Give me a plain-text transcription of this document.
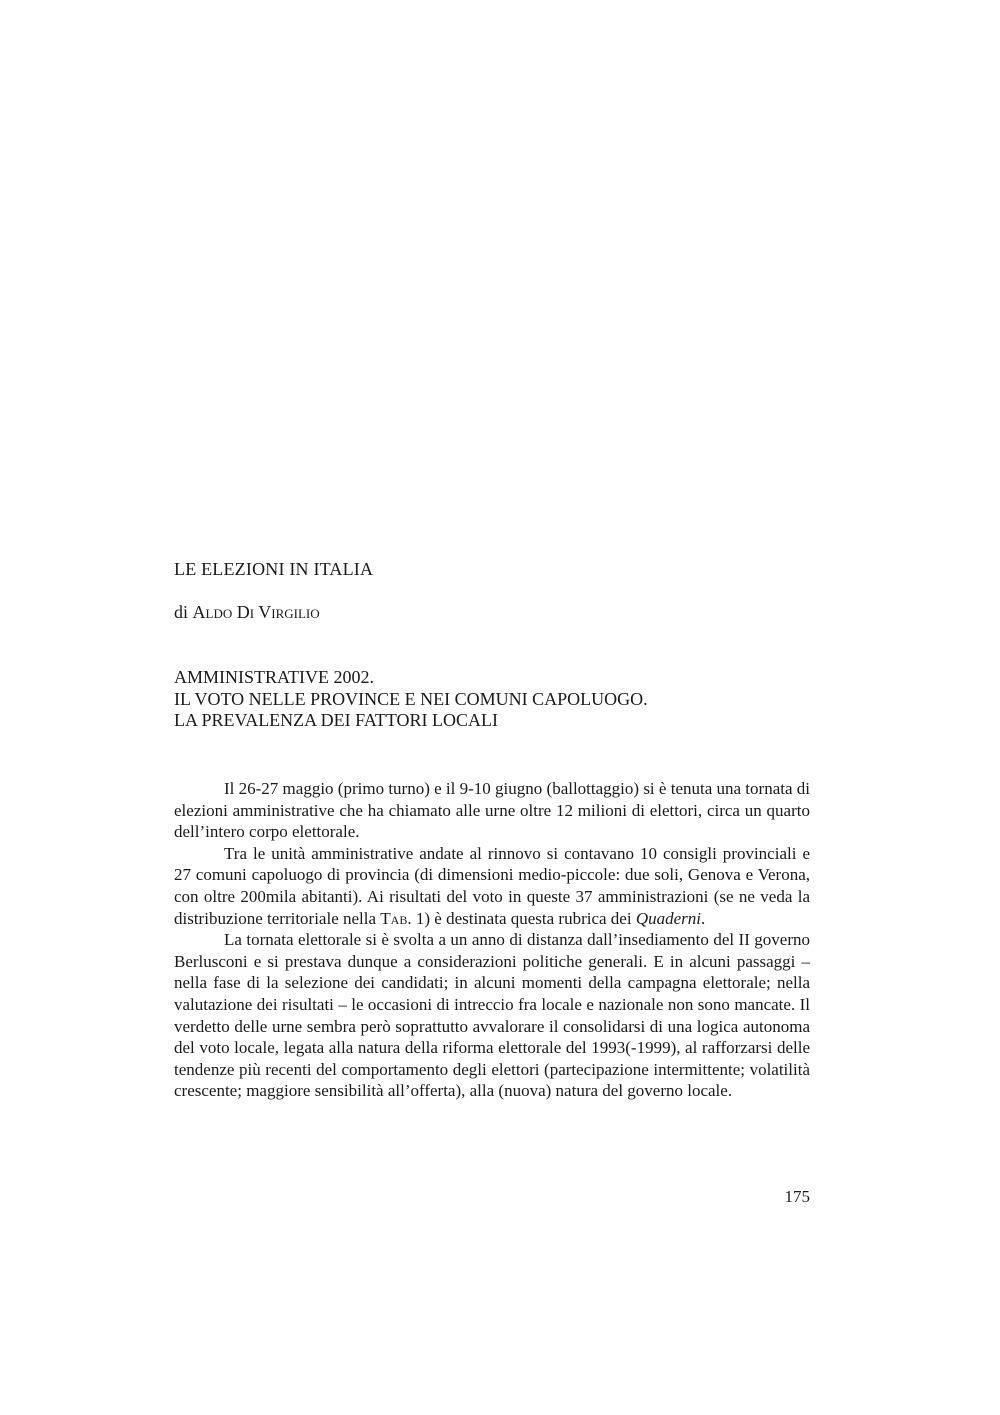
LE ELEZIONI IN ITALIA

di Aldo Di Virgilio

AMMINISTRATIVE 2002.
IL VOTO NELLE PROVINCE E NEI COMUNI CAPOLUOGO.
LA PREVALENZA DEI FATTORI LOCALI

Il 26-27 maggio (primo turno) e il 9-10 giugno (ballottaggio) si è tenuta una tornata di elezioni amministrative che ha chiamato alle urne oltre 12 milioni di elettori, circa un quarto dell’intero corpo elettorale.

Tra le unità amministrative andate al rinnovo si contavano 10 consigli provinciali e 27 comuni capoluogo di provincia (di dimensioni medio-piccole: due soli, Genova e Verona, con oltre 200mila abitanti). Ai risultati del voto in queste 37 amministrazioni (se ne veda la distribuzione territoriale nella Tab. 1) è destinata questa rubrica dei Quaderni.

La tornata elettorale si è svolta a un anno di distanza dall’insediamento del II governo Berlusconi e si prestava dunque a considerazioni politiche generali. E in alcuni passaggi – nella fase di la selezione dei candidati; in alcuni momenti della campagna elettorale; nella valutazione dei risultati – le occasioni di intreccio fra locale e nazionale non sono mancate. Il verdetto delle urne sembra però soprattutto avvalorare il consolidarsi di una logica autonoma del voto locale, legata alla natura della riforma elettorale del 1993(-1999), al rafforzarsi delle tendenze più recenti del comportamento degli elettori (partecipazione intermittente; volatilità crescente; maggiore sensibilità all’offerta), alla (nuova) natura del governo locale.

175
